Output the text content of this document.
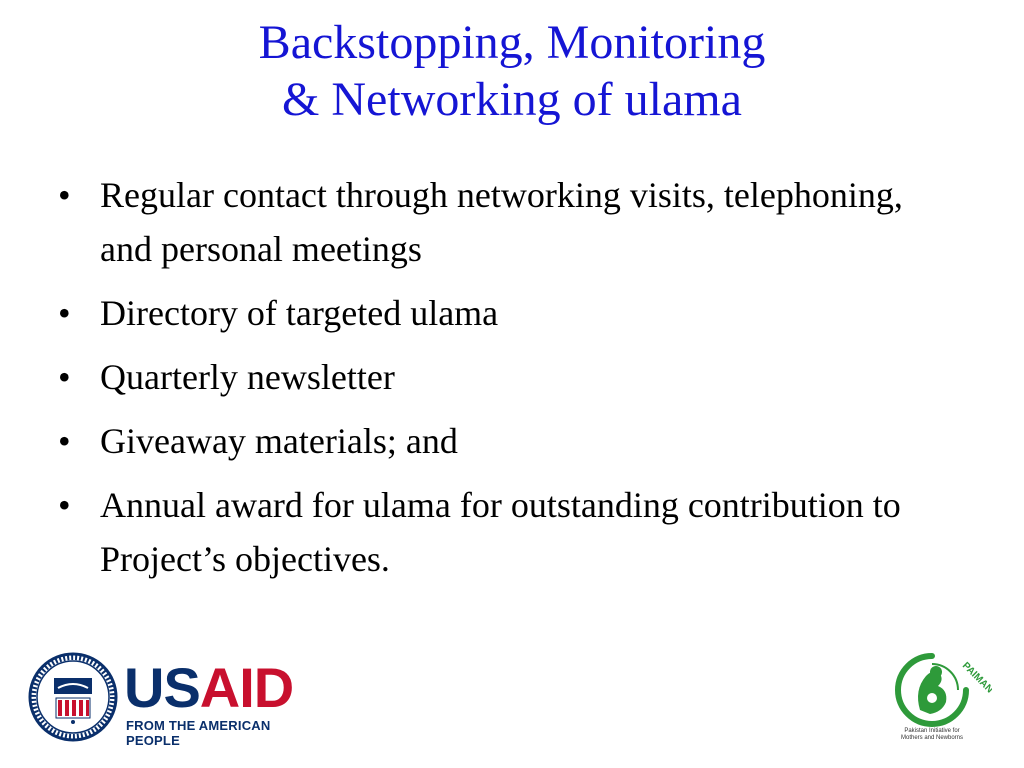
Backstopping, Monitoring
& Networking of ulama
• Regular contact through networking visits, telephoning, and personal meetings
• Directory of targeted ulama
• Quarterly newsletter
• Giveaway materials; and
• Annual award for ulama for outstanding contribution to Project’s objectives.
USAID
FROM THE AMERICAN PEOPLE
PAIMAN
Pakistan Initiative for
Mothers and Newborns
